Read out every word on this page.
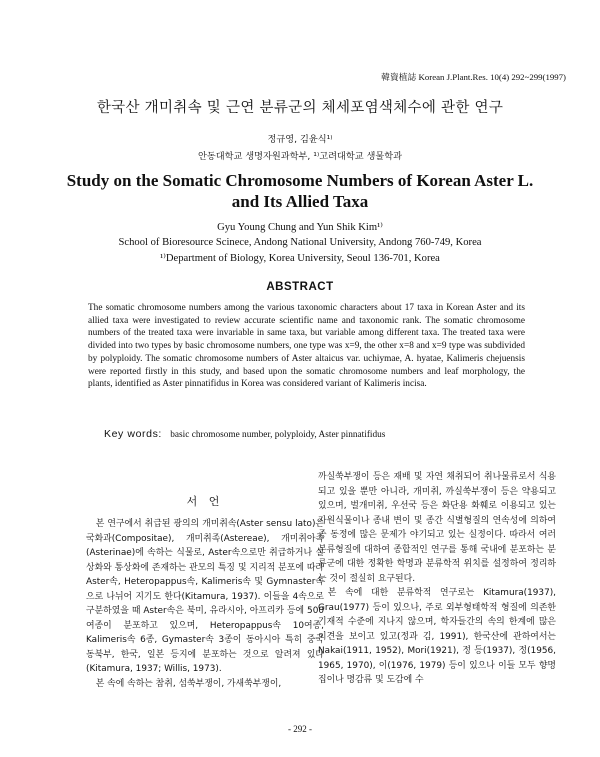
韓資植誌 Korean J.Plant.Res. 10(4) 292~299(1997)
한국산 개미취속 및 근연 분류군의 체세포염색체수에 관한 연구
정규영, 김윤식¹⁾
안동대학교 생명자원과학부, ¹⁾고려대학교 생물학과
Study on the Somatic Chromosome Numbers of Korean Aster L.
and Its Allied Taxa
Gyu Young Chung and Yun Shik Kim¹⁾
School of Bioresource Scinece, Andong National University, Andong 760-749, Korea
¹⁾Department of Biology, Korea University, Seoul 136-701, Korea
ABSTRACT

The somatic chromosome numbers among the various taxonomic characters about 17 taxa in Korean Aster and its allied taxa were investigated to review accurate scientific name and taxonomic rank. The somatic chromosome numbers of the treated taxa were invariable in same taxa, but variable among different taxa. The treated taxa were divided into two types by basic chromosome numbers, one type was x=9, the other x=8 and x=9 type was subdivided by polyploidy. The somatic chromosome numbers of Aster altaicus var. uchiymae, A. hyatae, Kalimeris chejuensis were reported firstly in this study, and based upon the somatic chromosome numbers and leaf morphology, the plants, identified as Aster pinnatifidus in Korea was considered variant of Kalimeris incisa.

Key words: basic chromosome number, polyploidy, Aster pinnatifidus
서 언

본 연구에서 취급된 광의의 개미취속(Aster sensu lato)은 국화과(Compositae), 개미취족(Astereae), 개미취아족(Asterinae)에 속하는 식물로, Aster속으로만 취급하거나 실상화와 통상화에 존재하는 관모의 특징 및 지리적 분포에 따라 Aster속, Heteropappus속, Kalimeris속 및 Gymnaster속으로 나뉘어 지기도 한다(Kitamura, 1937). 이들을 4속으로 구분하였을 때 Aster속은 북미, 유라시아, 아프리카 등에 500여종이 분포하고 있으며, Heteropappus속 10여종, Kalimeris속 6종, Gymaster속 3종이 동아시아 특히 중국 동북부, 한국, 일본 등지에 분포하는 것으로 알려져 있다 (Kitamura, 1937; Willis, 1973).

본 속에 속하는 참취, 섬쑥부쟁이, 가새쑥부쟁이,

까실쑥부쟁이 등은 재배 및 자연 채취되어 취나물류로서 식용되고 있을 뿐만 아니라, 개미취, 까실쑥부쟁이 등은 약용되고 있으며, 벌개미취, 우선국 등은 화단용 화훼로 이용되고 있는 자원식물이나 종내 변이 및 종간 식별형질의 연속성에 의하여 종 동정에 많은 문제가 야기되고 있는 실정이다. 따라서 여러 분류형질에 대하여 종합적인 연구를 통해 국내에 분포하는 분류군에 대한 정확한 학명과 분류학적 위치를 설정하여 정리하는 것이 절실히 요구된다.

본 속에 대한 분류학적 연구로는 Kitamura(1937), Grau(1977) 등이 있으나, 주로 외부형태학적 형질에 의존한 기재적 수준에 지나지 않으며, 학자들간의 속의 한계에 많은 이견을 보이고 있고(정과 김, 1991), 한국산에 관하여서는 Nakai(1911, 1952), Mori(1921), 정 등(1937), 정(1956, 1965, 1970), 이(1976, 1979) 등이 있으나 이들 모두 향명집이나 명감류 및 도감에 수

- 292 -
